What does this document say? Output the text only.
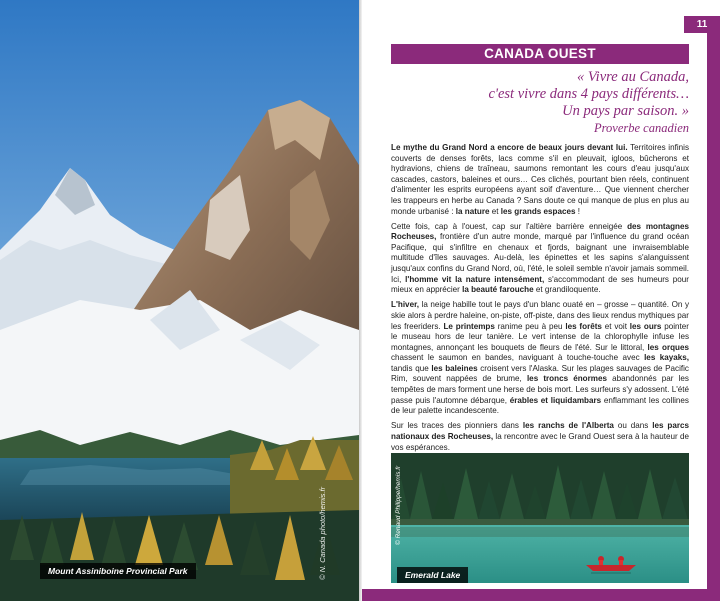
Mount Assiniboine Provincial Park	© N. Canada photo/hemis.fr
11
CANADA OUEST
« Vivre au Canada,
c'est vivre dans 4 pays différents…
Un pays par saison. »
Proverbe canadien

Le mythe du Grand Nord a encore de beaux jours devant lui. Territoires infinis couverts de denses forêts, lacs comme s'il en pleuvait, igloos, bûcherons et hydravions, chiens de traîneau, saumons remontant les cours d'eau jusqu'aux cascades, castors, baleines et ours… Ces clichés, pourtant bien réels, continuent d'alimenter les esprits européens ayant soif d'aventure… Que viennent chercher les trappeurs en herbe au Canada ? Sans doute ce qui manque de plus en plus au monde urbanisé : la nature et les grands espaces !

Cette fois, cap à l'ouest, cap sur l'altière barrière enneigée des montagnes Rocheuses, frontière d'un autre monde, marqué par l'influence du grand océan Pacifique, qui s'infiltre en chenaux et fjords, baignant une invraisemblable multitude d'îles sauvages. Au-delà, les épinettes et les sapins s'alanguissent jusqu'aux confins du Grand Nord, où, l'été, le soleil semble n'avoir jamais sommeil. Ici, l'homme vit la nature intensément, s'accommodant de ses humeurs pour mieux en apprécier la beauté farouche et grandiloquente.

L'hiver, la neige habille tout le pays d'un blanc ouaté en – grosse – quantité. On y skie alors à perdre haleine, on-piste, off-piste, dans des lieux rendus mythiques par les freeriders. Le printemps ranime peu à peu les forêts et voit les ours pointer le museau hors de leur tanière. Le vert intense de la chlorophylle infuse les montagnes, annonçant les bouquets de fleurs de l'été. Sur le littoral, les orques chassent le saumon en bandes, naviguant à touche-touche avec les kayaks, tandis que les baleines croisent vers l'Alaska. Sur les plages sauvages de Pacific Rim, souvent nappées de brume, les troncs énormes abandonnés par les tempêtes de mars forment une herse de bois mort. Les surfeurs s'y adossent. L'été passe puis l'automne débarque, érables et liquidambars enflammant les collines de leur palette incandescente.

Sur les traces des pionniers dans les ranchs de l'Alberta ou dans les parcs nationaux des Rocheuses, la rencontre avec le Grand Ouest sera à la hauteur de vos espérances.

Emerald Lake
© Renaud Philippe/hemis.fr
